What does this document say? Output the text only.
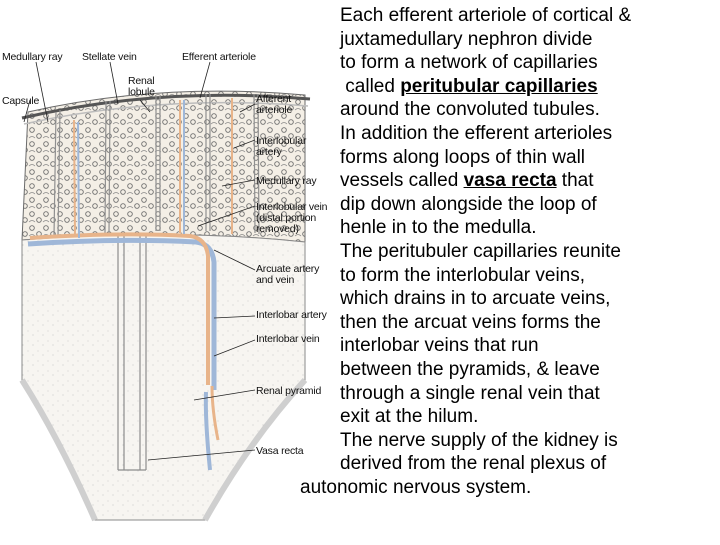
Medullary ray Stellate vein	Efferent arteriole
Renal
lobule
Capsule	Afferent
arteriole
Interlobular
artery
Medullary ray
Interlobular vein
(distal portion
removed)
Arcuate artery
and vein
Interlobar artery
Interlobar vein
Renal pyramid
Vasa recta
Each efferent arteriole of cortical &
juxtamedullary nephron divide
to form a network of capillaries
called peritubular capillaries
around the convoluted tubules.
In addition the efferent arterioles
forms along loops of thin wall
vessels called vasa recta that
dip down alongside the loop of
henle in to the medulla.
The peritubuler capillaries reunite
to form the interlobular veins,
which drains in to arcuate veins,
then the arcuat veins forms the
interlobar veins that run
between the pyramids, & leave
through a single renal vein that
exit at the hilum.
The nerve supply of the kidney is
derived from the renal plexus of
autonomic nervous system.
